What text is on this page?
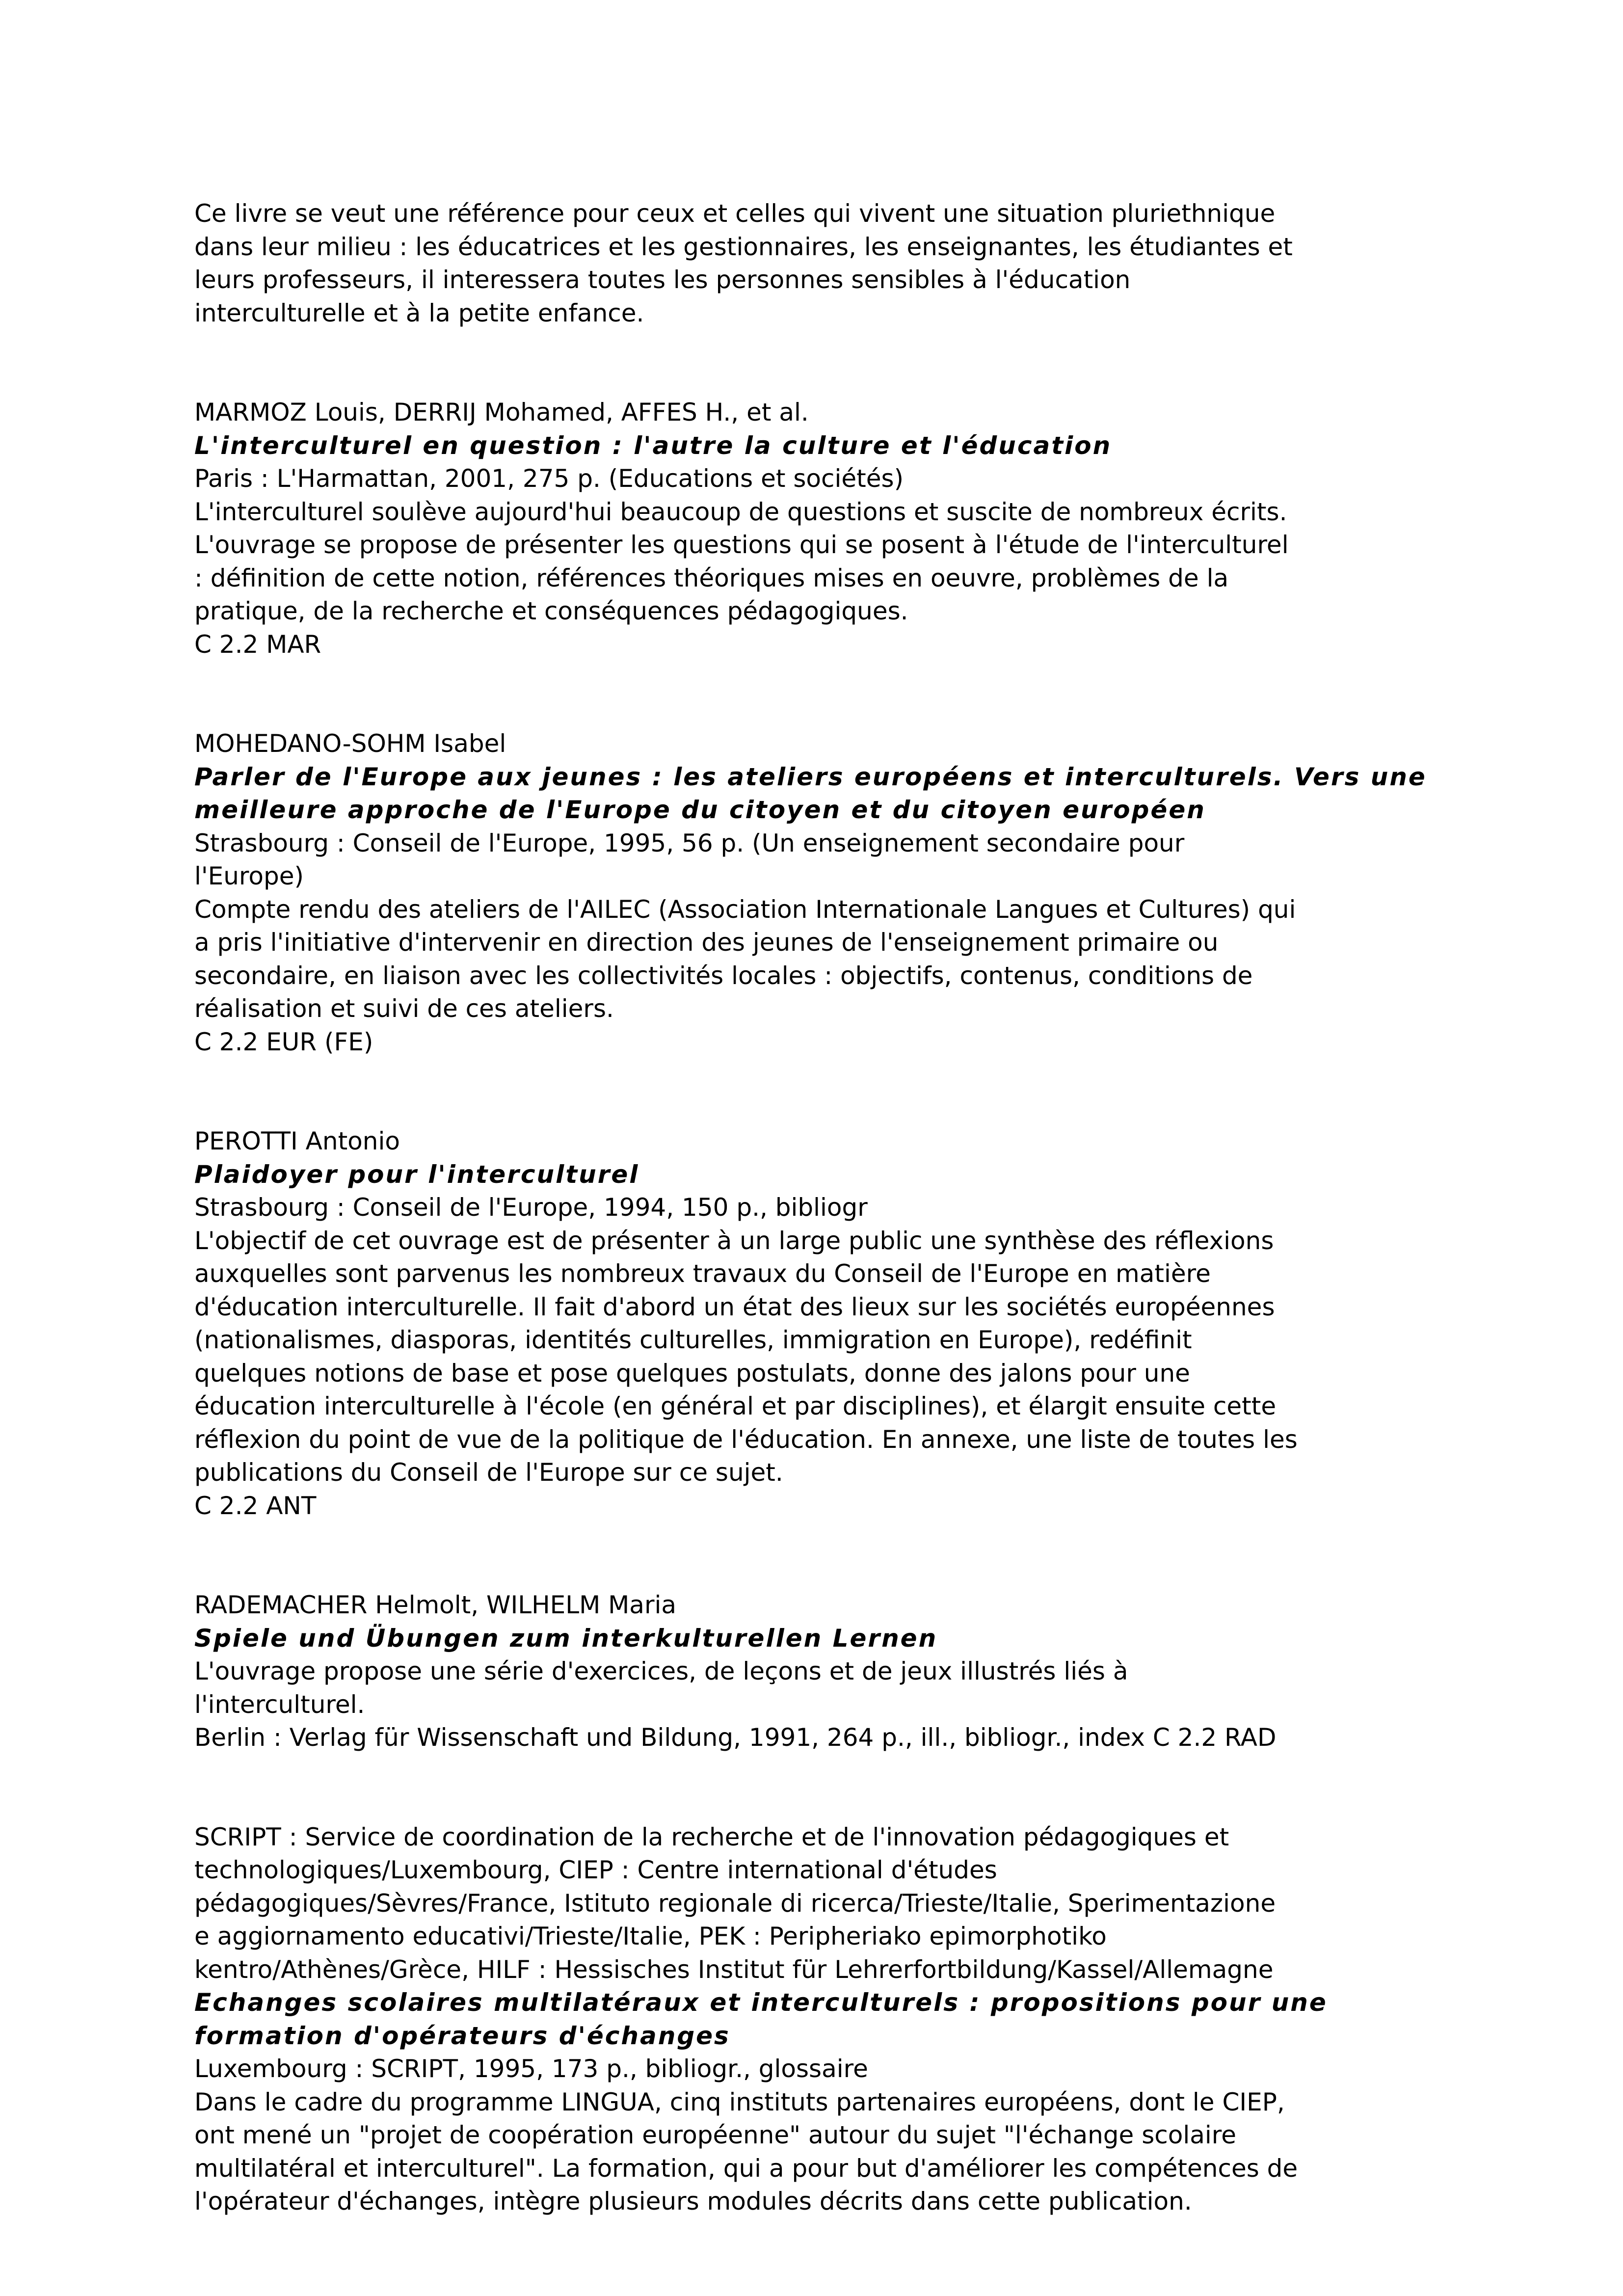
Ce livre se veut une référence pour ceux et celles qui vivent une situation pluriethnique
dans leur milieu : les éducatrices et les gestionnaires, les enseignantes, les étudiantes et
leurs professeurs, il interessera toutes les personnes sensibles à l'éducation
interculturelle et à la petite enfance.
MARMOZ Louis, DERRIJ Mohamed, AFFES H., et al.
L'interculturel en question : l'autre la culture et l'éducation
Paris : L'Harmattan, 2001, 275 p. (Educations et sociétés)
L'interculturel soulève aujourd'hui beaucoup de questions et suscite de nombreux écrits.
L'ouvrage se propose de présenter les questions qui se posent à l'étude de l'interculturel
: définition de cette notion, références théoriques mises en oeuvre, problèmes de la
pratique, de la recherche et conséquences pédagogiques.
C 2.2 MAR
MOHEDANO-SOHM Isabel
Parler de l'Europe aux jeunes : les ateliers européens et interculturels. Vers une
meilleure approche de l'Europe du citoyen et du citoyen européen
Strasbourg : Conseil de l'Europe, 1995, 56 p. (Un enseignement secondaire pour
l'Europe)
Compte rendu des ateliers de l'AILEC (Association Internationale Langues et Cultures) qui
a pris l'initiative d'intervenir en direction des jeunes de l'enseignement primaire ou
secondaire, en liaison avec les collectivités locales : objectifs, contenus, conditions de
réalisation et suivi de ces ateliers.
C 2.2 EUR (FE)
PEROTTI Antonio
Plaidoyer pour l'interculturel
Strasbourg : Conseil de l'Europe, 1994, 150 p., bibliogr
L'objectif de cet ouvrage est de présenter à un large public une synthèse des réflexions
auxquelles sont parvenus les nombreux travaux du Conseil de l'Europe en matière
d'éducation interculturelle. Il fait d'abord un état des lieux sur les sociétés européennes
(nationalismes, diasporas, identités culturelles, immigration en Europe), redéfinit
quelques notions de base et pose quelques postulats, donne des jalons pour une
éducation interculturelle à l'école (en général et par disciplines), et élargit ensuite cette
réflexion du point de vue de la politique de l'éducation. En annexe, une liste de toutes les
publications du Conseil de l'Europe sur ce sujet.
C 2.2 ANT
RADEMACHER Helmolt, WILHELM Maria
Spiele und Übungen zum interkulturellen Lernen
L'ouvrage propose une série d'exercices, de leçons et de jeux illustrés liés à
l'interculturel.
Berlin : Verlag für Wissenschaft und Bildung, 1991, 264 p., ill., bibliogr., index C 2.2 RAD
SCRIPT : Service de coordination de la recherche et de l'innovation pédagogiques et
technologiques/Luxembourg, CIEP : Centre international d'études
pédagogiques/Sèvres/France, Istituto regionale di ricerca/Trieste/Italie, Sperimentazione
e aggiornamento educativi/Trieste/Italie, PEK : Peripheriako epimorphotiko
kentro/Athènes/Grèce, HILF : Hessisches Institut für Lehrerfortbildung/Kassel/Allemagne
Echanges scolaires multilatéraux et interculturels : propositions pour une
formation d'opérateurs d'échanges
Luxembourg : SCRIPT, 1995, 173 p., bibliogr., glossaire
Dans le cadre du programme LINGUA, cinq instituts partenaires européens, dont le CIEP,
ont mené un "projet de coopération européenne" autour du sujet "l'échange scolaire
multilatéral et interculturel". La formation, qui a pour but d'améliorer les compétences de
l'opérateur d'échanges, intègre plusieurs modules décrits dans cette publication.
